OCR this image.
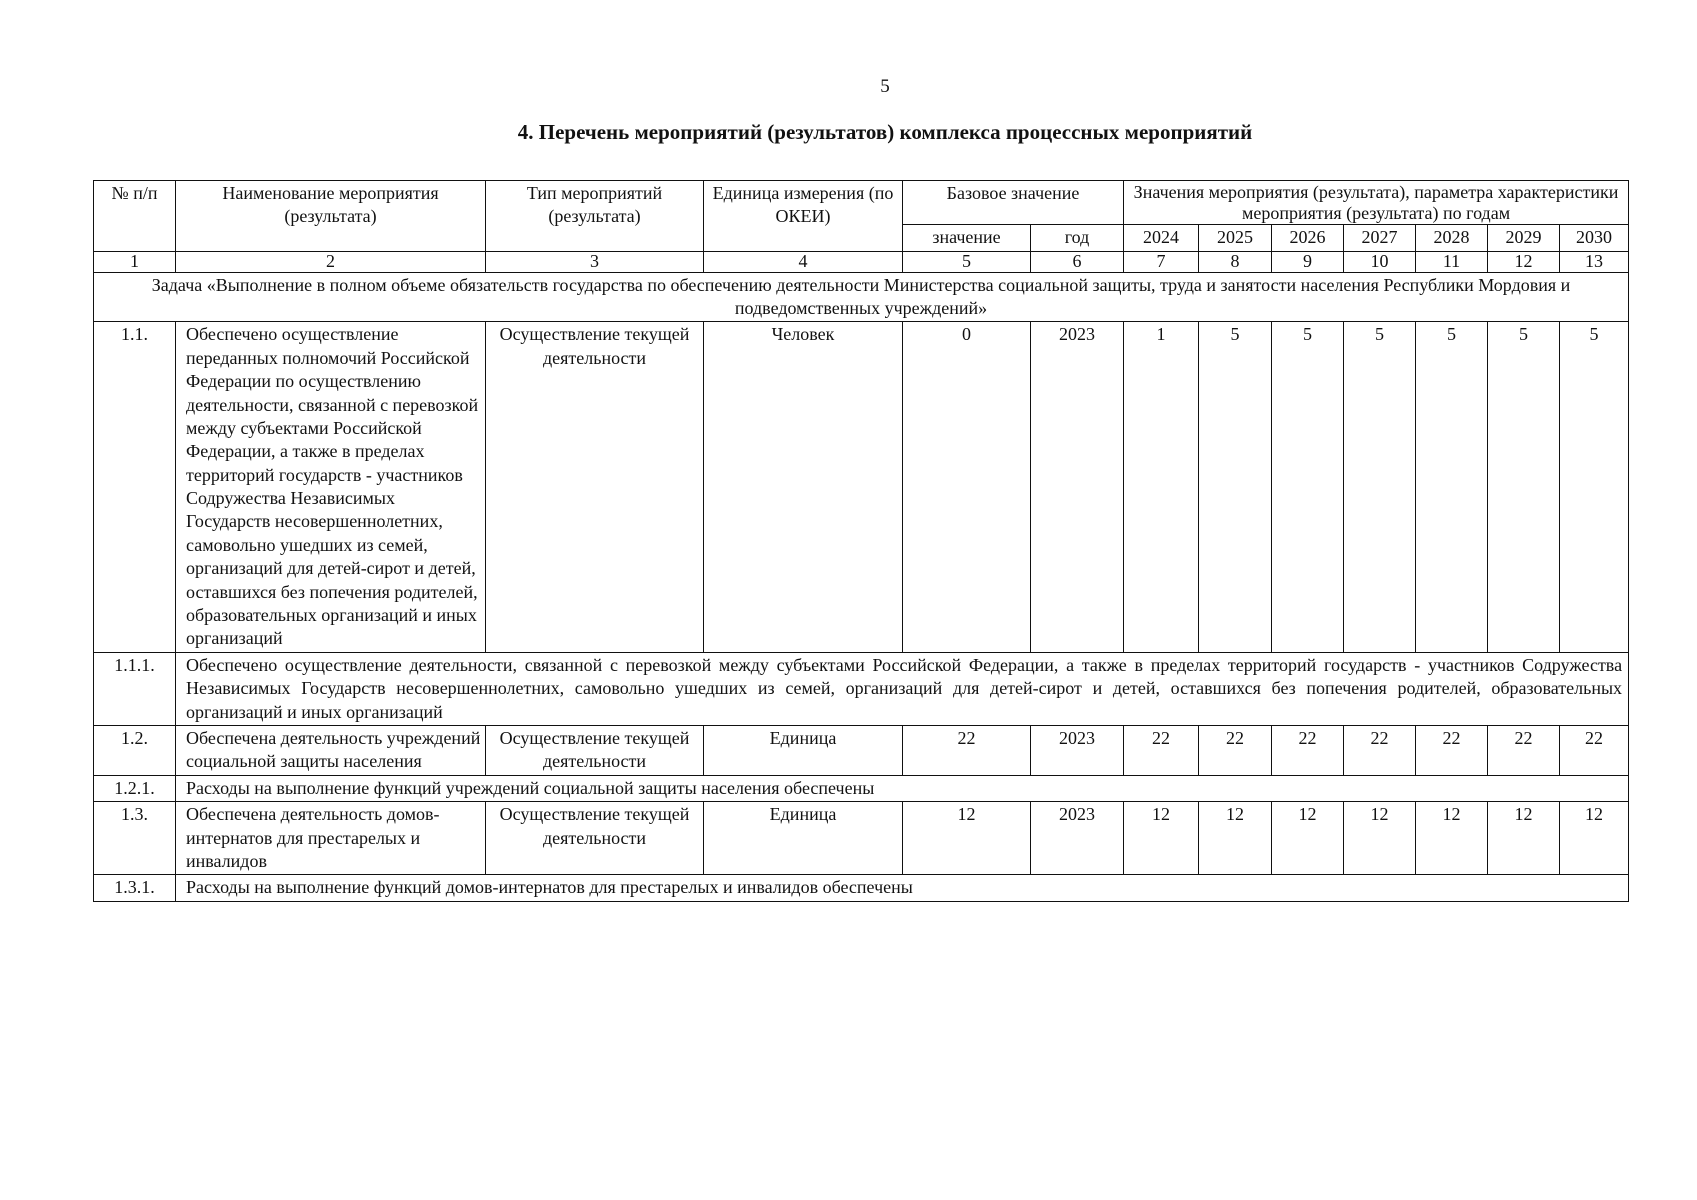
5
4. Перечень мероприятий (результатов) комплекса процессных мероприятий
№ п/п	Наименование мероприятия (результата)	Тип мероприятий (результата)	Единица измерения (по ОКЕИ)	Базовое значение		Значения мероприятия (результата), параметра характеристики мероприятия (результата) по годам						
				значение	год	2024	2025	2026	2027	2028	2029	2030
1	2	3	4	5	6	7	8	9	10	11	12	13
Задача «Выполнение в полном объеме обязательств государства по обеспечению деятельности Министерства социальной защиты, труда и занятости населения Республики Мордовия и подведомственных учреждений»												
1.1.	Обеспечено осуществление переданных полномочий Российской Федерации по осуществлению деятельности, связанной с перевозкой между субъектами Российской Федерации, а также в пределах территорий государств - участников Содружества Независимых Государств несовершеннолетних, самовольно ушедших из семей, организаций для детей-сирот и детей, оставшихся без попечения родителей, образовательных организаций и иных организаций	Осуществление текущей деятельности	Человек	0	2023	1	5	5	5	5	5	5
1.1.1.	Обеспечено осуществление деятельности, связанной с перевозкой между субъектами Российской Федерации, а также в пределах территорий государств - участников Содружества Независимых Государств несовершеннолетних, самовольно ушедших из семей, организаций для детей-сирот и детей, оставшихся без попечения родителей, образовательных организаций и иных организаций											
1.2.	Обеспечена деятельность учреждений социальной защиты населения	Осуществление текущей деятельности	Единица	22	2023	22	22	22	22	22	22	22
1.2.1.	Расходы на выполнение функций учреждений социальной защиты населения обеспечены											
1.3.	Обеспечена деятельность домов-интернатов для престарелых и инвалидов	Осуществление текущей деятельности	Единица	12	2023	12	12	12	12	12	12	12
1.3.1.	Расходы на выполнение функций домов-интернатов для престарелых и инвалидов обеспечены											
